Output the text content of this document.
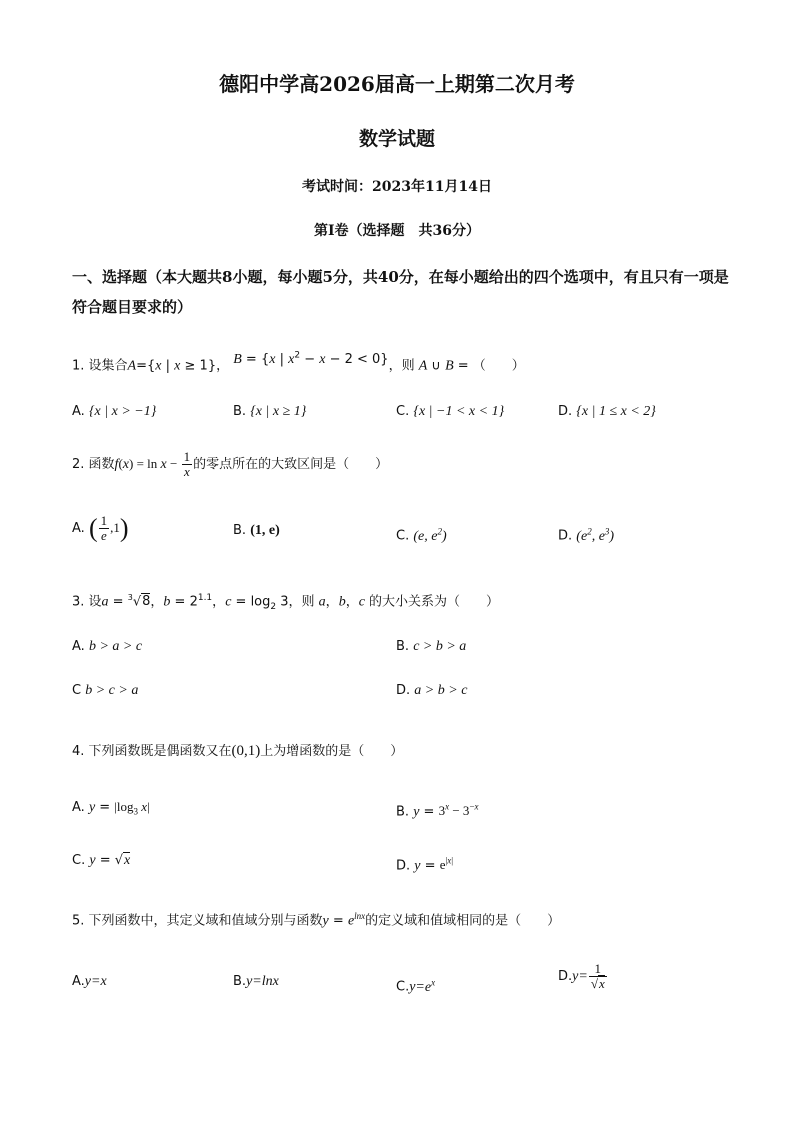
德阳中学高2026届高一上期第二次月考
数学试题
考试时间：2023年11月14日
第I卷（选择题　共36分）
一、选择题（本大题共8小题，每小题5分，共40分，在每小题给出的四个选项中，有且只有一项是符合题目要求的）
1. 设集合A={x | x ≥ 1}， B = {x | $x^2 - x - 2 < 0$}，则 A ∪ B = （　　）
A. {x | x > −1}	B. {x | x ≥ 1}	C. {x | −1 < x < 1}	D. {x | 1 ≤ x < 2}
2. 函数$f(x) = \ln x - \frac{1}{x}$ 的零点所在的大致区间是（　　）
A. ( $\frac{1}{e} ,1$)	B. (1, e)	C. (e, $e^2$)	D. ($e^2$, $e^3$)
3. 设a = $^3$√8，$b = 2^{1.1}$，$c = \log_2 3$，则 a，b，c 的大小关系为（　　）
A. b > a > c	B. c > b > a
C b > c > a	D. a > b > c
4. 下列函数既是偶函数又在(0,1)上为增函数的是（　　）
A. $y = |\log_3$ x|	B. $y = 3^x - 3^{-x}$
C. y = √x	D. $y = e^{|x|}$
5. 下列函数中，其定义域和值域分别与函数$y = e^{lnx}$的定义域和值域相同的是（　　）
A.y=x	B.y=lnx	$C.y=e^x$	$D.y= \frac{1}{√x}$
